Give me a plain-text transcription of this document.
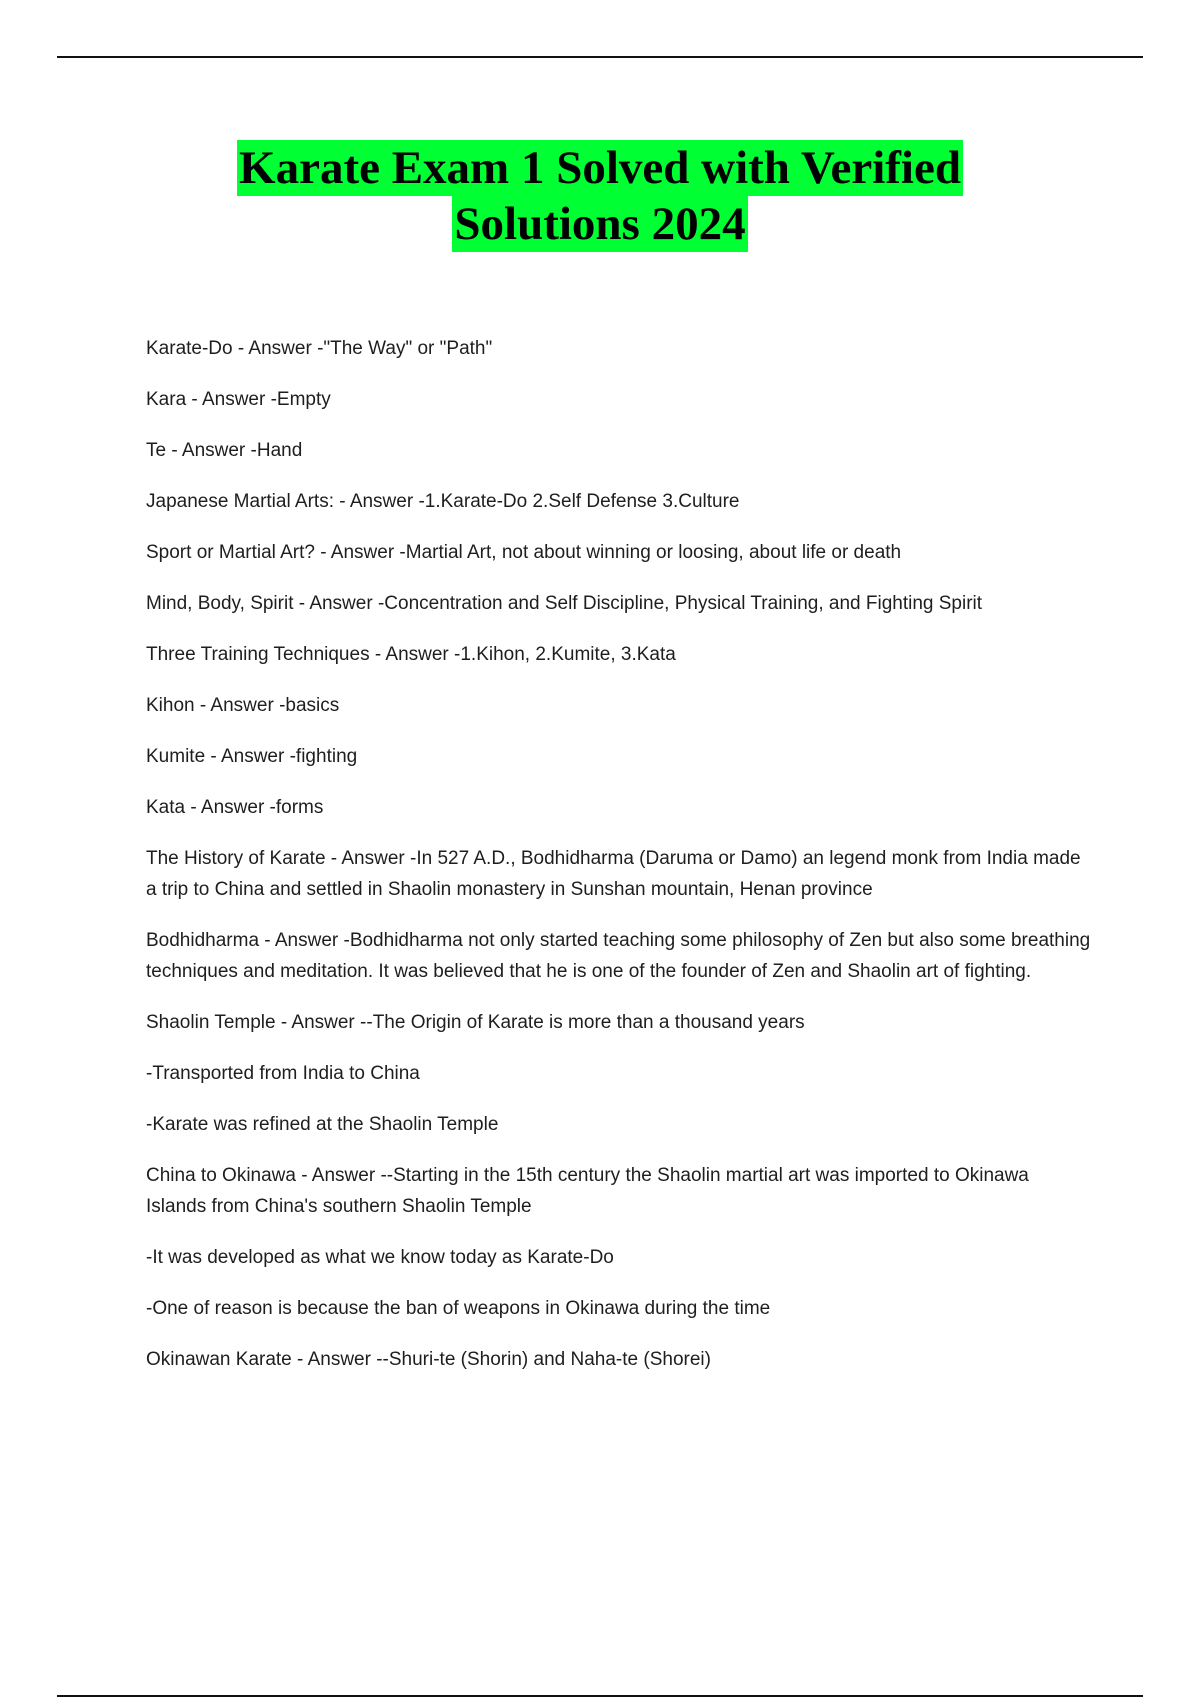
Karate Exam 1 Solved with Verified
Solutions 2024
Karate-Do - Answer -"The Way" or "Path"
Kara - Answer -Empty
Te - Answer -Hand
Japanese Martial Arts: - Answer -1.Karate-Do 2.Self Defense 3.Culture
Sport or Martial Art? - Answer -Martial Art, not about winning or loosing, about life or death
Mind, Body, Spirit - Answer -Concentration and Self Discipline, Physical Training, and Fighting Spirit
Three Training Techniques - Answer -1.Kihon, 2.Kumite, 3.Kata
Kihon - Answer -basics
Kumite - Answer -fighting
Kata - Answer -forms
The History of Karate - Answer -In 527 A.D., Bodhidharma (Daruma or Damo) an legend monk from India made a trip to China and settled in Shaolin monastery in Sunshan mountain, Henan province
Bodhidharma - Answer -Bodhidharma not only started teaching some philosophy of Zen but also some breathing techniques and meditation. It was believed that he is one of the founder of Zen and Shaolin art of fighting.
Shaolin Temple - Answer --The Origin of Karate is more than a thousand years
-Transported from India to China
-Karate was refined at the Shaolin Temple
China to Okinawa - Answer --Starting in the 15th century the Shaolin martial art was imported to Okinawa Islands from China's southern Shaolin Temple
-It was developed as what we know today as Karate-Do
-One of reason is because the ban of weapons in Okinawa during the time
Okinawan Karate - Answer --Shuri-te (Shorin) and Naha-te (Shorei)
